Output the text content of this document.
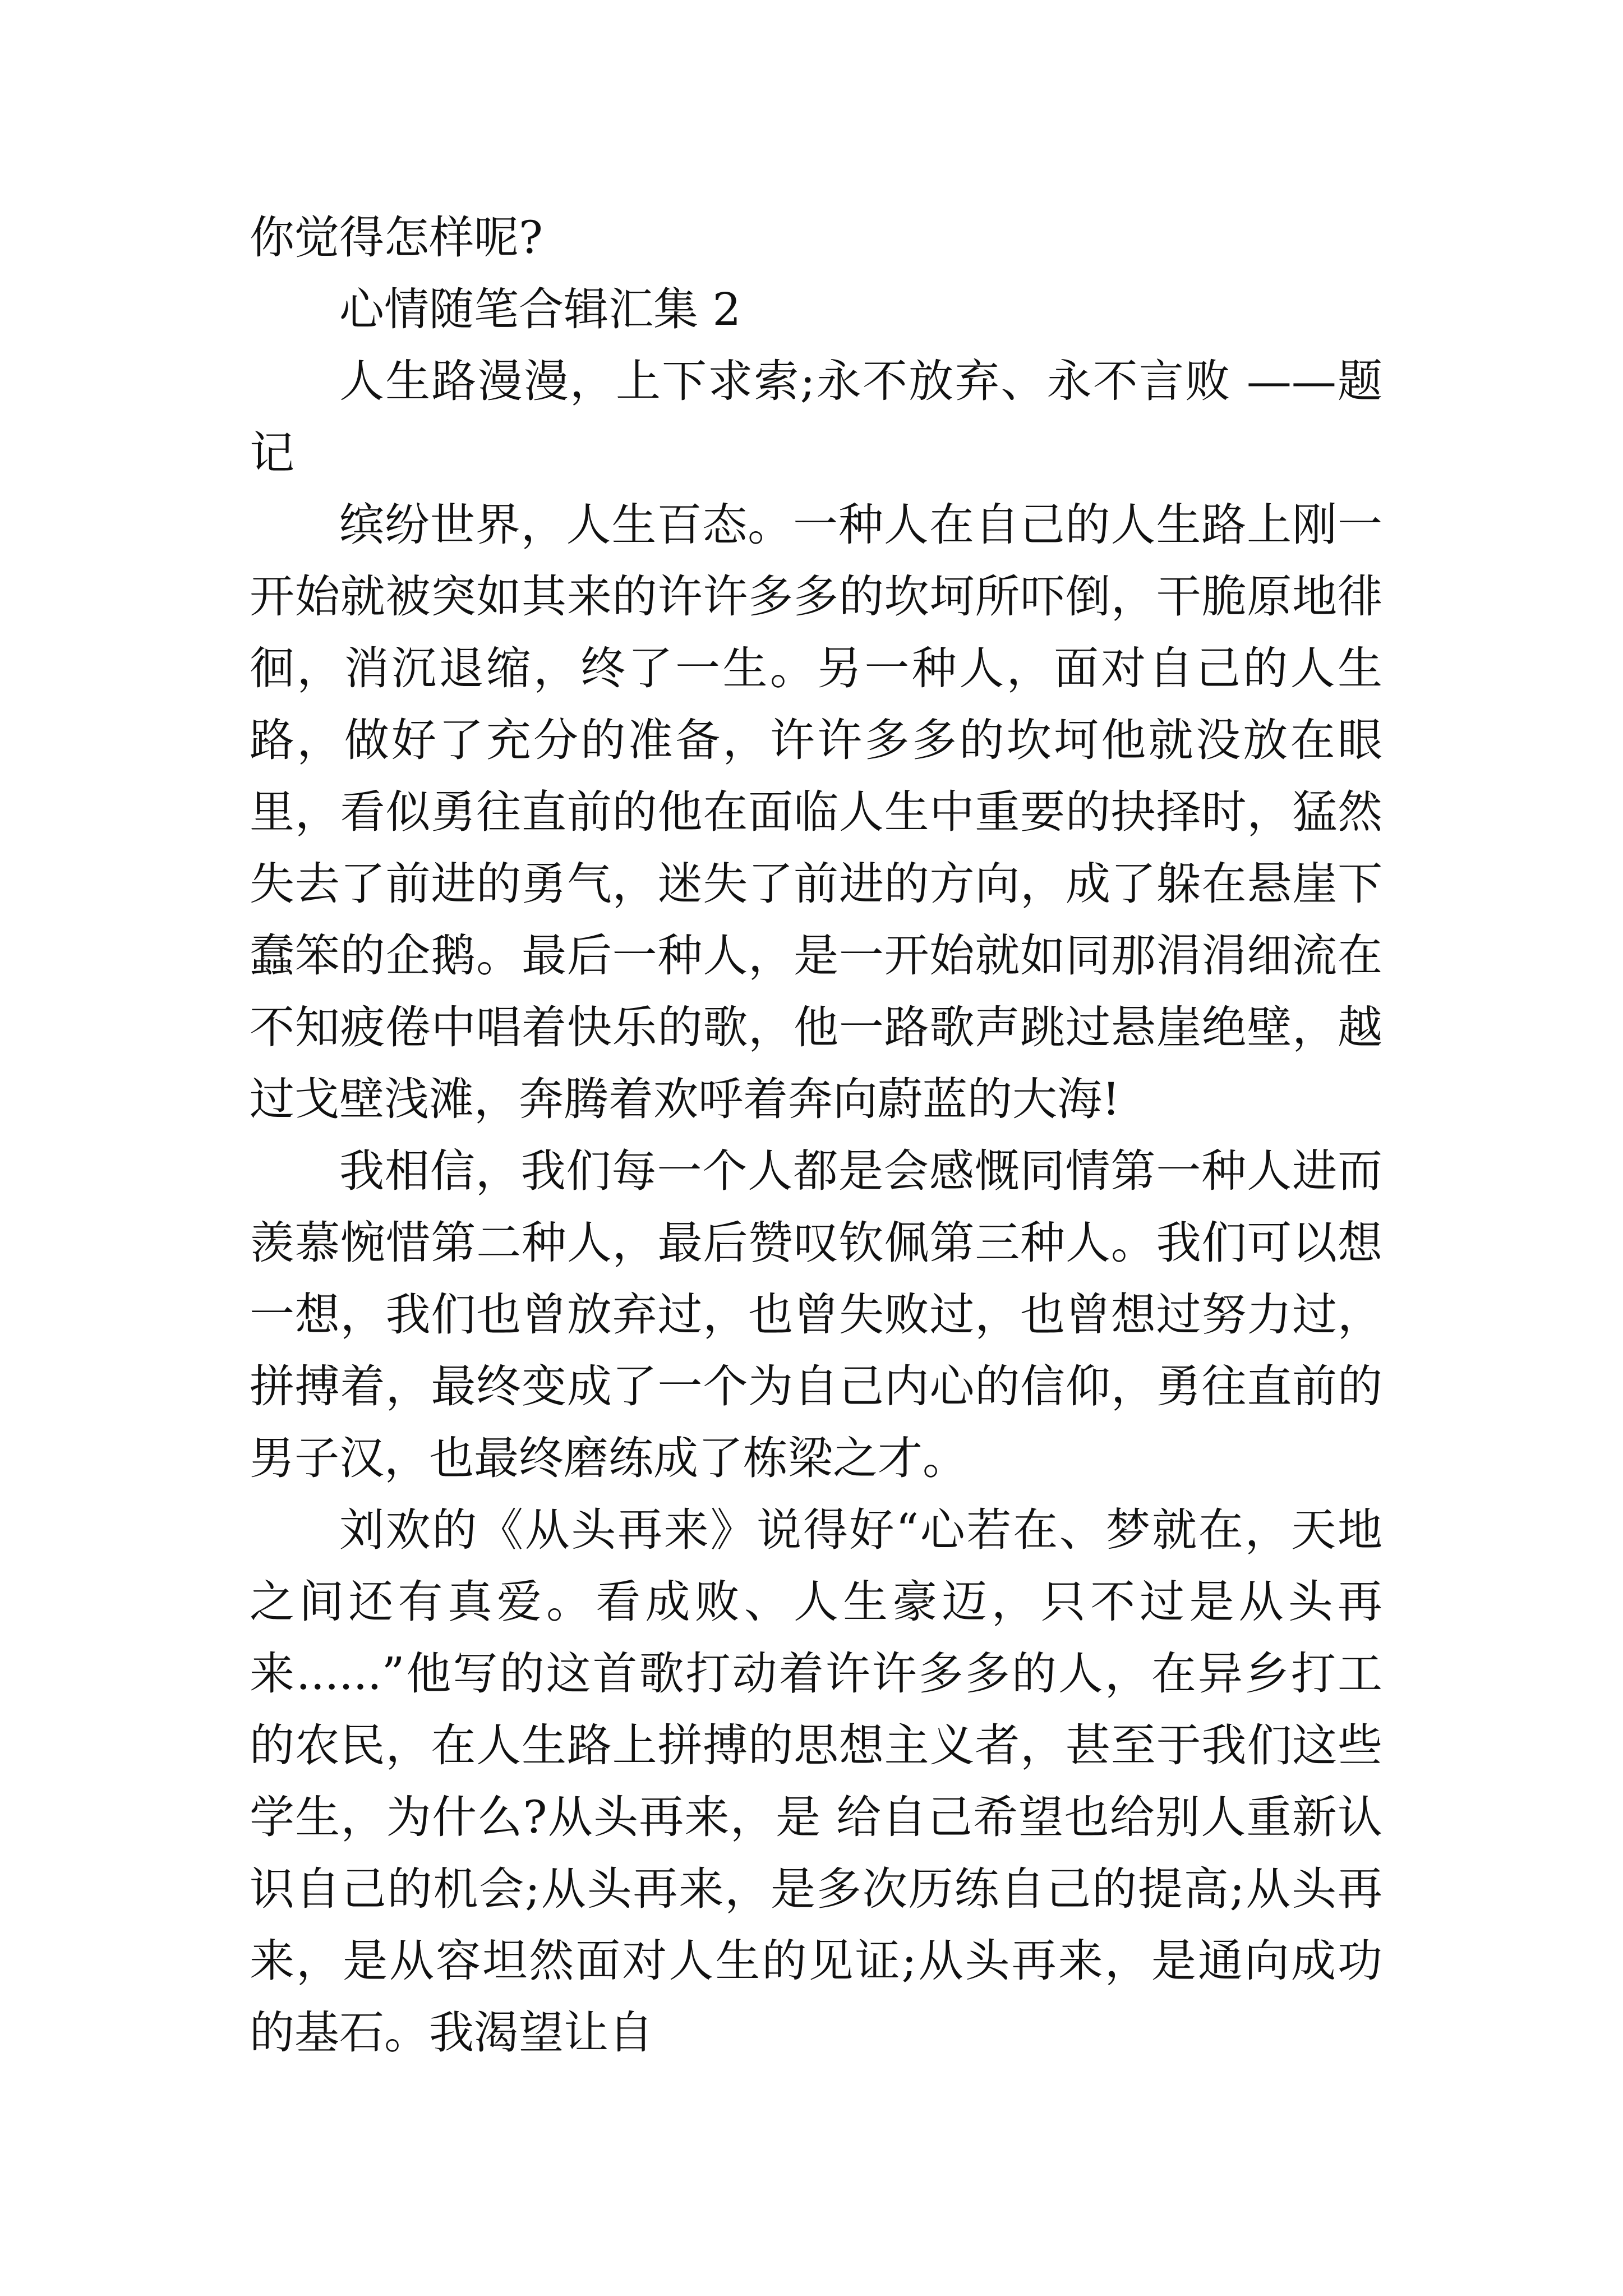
你觉得怎样呢?

心情随笔合辑汇集 2

人生路漫漫，上下求索;永不放弃、永不言败 ——题记

缤纷世界，人生百态。一种人在自己的人生路上刚一开始就被突如其来的许许多多的坎坷所吓倒，干脆原地徘徊，消沉退缩，终了一生。另一种人，面对自己的人生路，做好了充分的准备，许许多多的坎坷他就没放在眼里，看似勇往直前的他在面临人生中重要的抉择时，猛然失去了前进的勇气，迷失了前进的方向，成了躲在悬崖下蠢笨的企鹅。最后一种人，是一开始就如同那涓涓细流在不知疲倦中唱着快乐的歌，他一路歌声跳过悬崖绝壁，越过戈壁浅滩，奔腾着欢呼着奔向蔚蓝的大海!

我相信，我们每一个人都是会感慨同情第一种人进而羡慕惋惜第二种人，最后赞叹钦佩第三种人。我们可以想一想，我们也曾放弃过，也曾失败过，也曾想过努力过，拼搏着，最终变成了一个为自己内心的信仰，勇往直前的男子汉，也最终磨练成了栋梁之才。

刘欢的《从头再来》说得好“心若在、梦就在，天地之间还有真爱。看成败、人生豪迈，只不过是从头再来......”他写的这首歌打动着许许多多的人，在异乡打工的农民，在人生路上拼搏的思想主义者，甚至于我们这些学生，为什么?从头再来，是 给自己希望也给别人重新认识自己的机会;从头再来，是多次历练自己的提高;从头再来，是从容坦然面对人生的见证;从头再来，是通向成功的基石。我渴望让自
